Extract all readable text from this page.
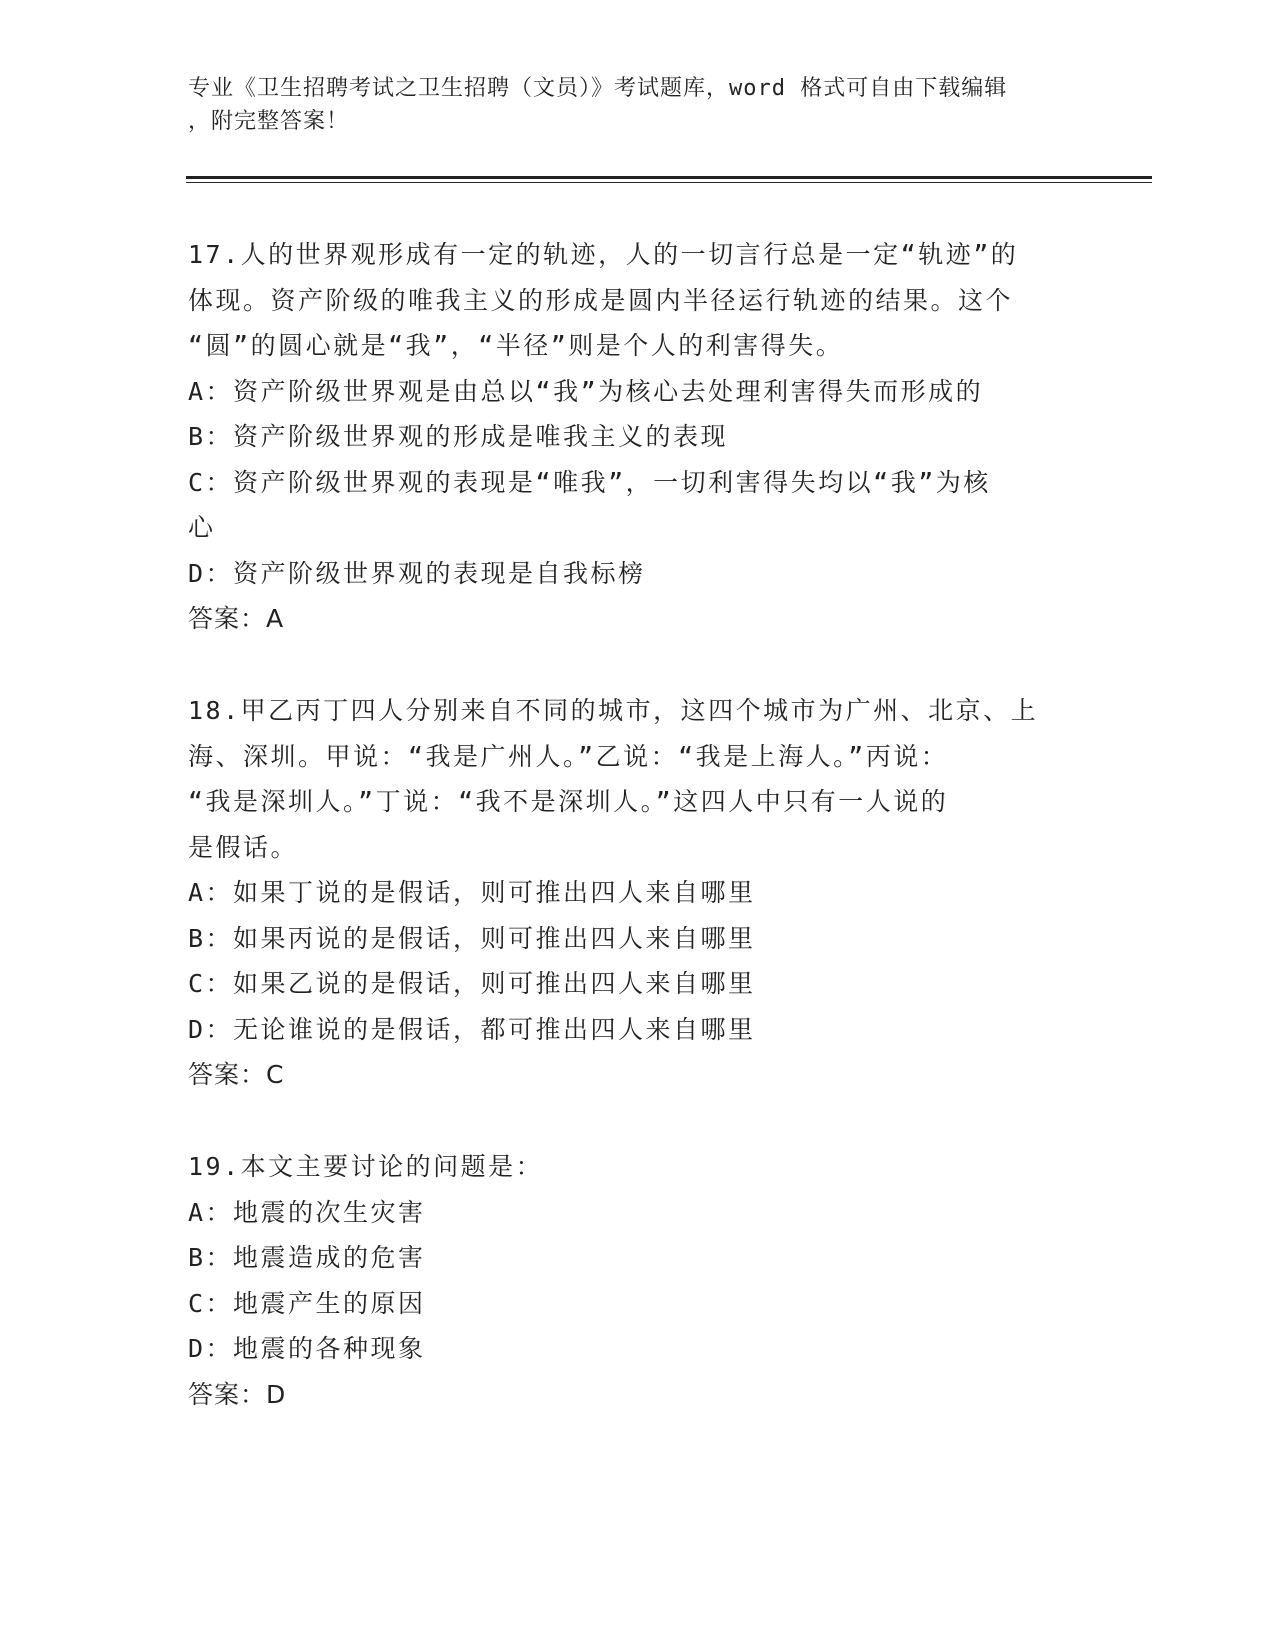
专业《卫生招聘考试之卫生招聘（文员）》考试题库，word 格式可自由下载编辑
，附完整答案！
17.人的世界观形成有一定的轨迹，人的一切言行总是一定“轨迹”的
体现。资产阶级的唯我主义的形成是圆内半径运行轨迹的结果。这个
“圆”的圆心就是“我”，“半径”则是个人的利害得失。
A：资产阶级世界观是由总以“我”为核心去处理利害得失而形成的
B：资产阶级世界观的形成是唯我主义的表现
C：资产阶级世界观的表现是“唯我”，一切利害得失均以“我”为核
心
D：资产阶级世界观的表现是自我标榜
答案：A
18.甲乙丙丁四人分别来自不同的城市，这四个城市为广州、北京、上
海、深圳。甲说：“我是广州人。”乙说：“我是上海人。”丙说：
“我是深圳人。”丁说：“我不是深圳人。”这四人中只有一人说的
是假话。
A：如果丁说的是假话，则可推出四人来自哪里
B：如果丙说的是假话，则可推出四人来自哪里
C：如果乙说的是假话，则可推出四人来自哪里
D：无论谁说的是假话，都可推出四人来自哪里
答案：C
19.本文主要讨论的问题是：
A：地震的次生灾害
B：地震造成的危害
C：地震产生的原因
D：地震的各种现象
答案：D
